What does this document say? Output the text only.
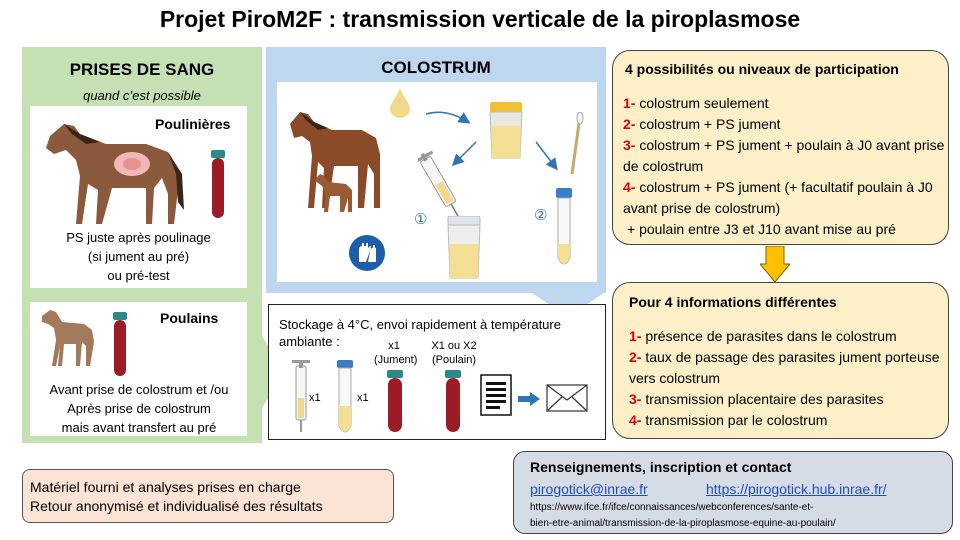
Projet PiroM2F : transmission verticale de la piroplasmose
PRISES DE SANG
quand c’est possible
Poulinières
PS juste après poulinage
(si jument au pré)
ou pré-test
Poulains
Avant prise de colostrum et /ou
Après prise de colostrum
mais avant transfert au pré
COLOSTRUM
①	②
Stockage à 4°C, envoi rapidement à température ambiante :
x1	x1
x1
(Jument)
X1 ou X2
(Poulain)
4 possibilités ou niveaux de participation
1- colostrum seulement
2- colostrum + PS jument
3- colostrum + PS jument + poulain à J0 avant prise de colostrum
4- colostrum + PS jument (+ facultatif poulain à J0 avant prise de colostrum)
+ poulain entre J3 et J10 avant mise au pré
Pour 4 informations différentes
1- présence de parasites dans le colostrum
2- taux de passage des parasites jument porteuse vers colostrum
3- transmission placentaire des parasites
4- transmission par le colostrum
Matériel fourni et analyses prises en charge
Retour anonymisé et individualisé des résultats
Renseignements, inscription et contact
pirogotick@inrae.fr	https://pirogotick.hub.inrae.fr/
https://www.ifce.fr/ifce/connaissances/webconferences/sante-et-
bien-etre-animal/transmission-de-la-piroplasmose-equine-au-poulain/
